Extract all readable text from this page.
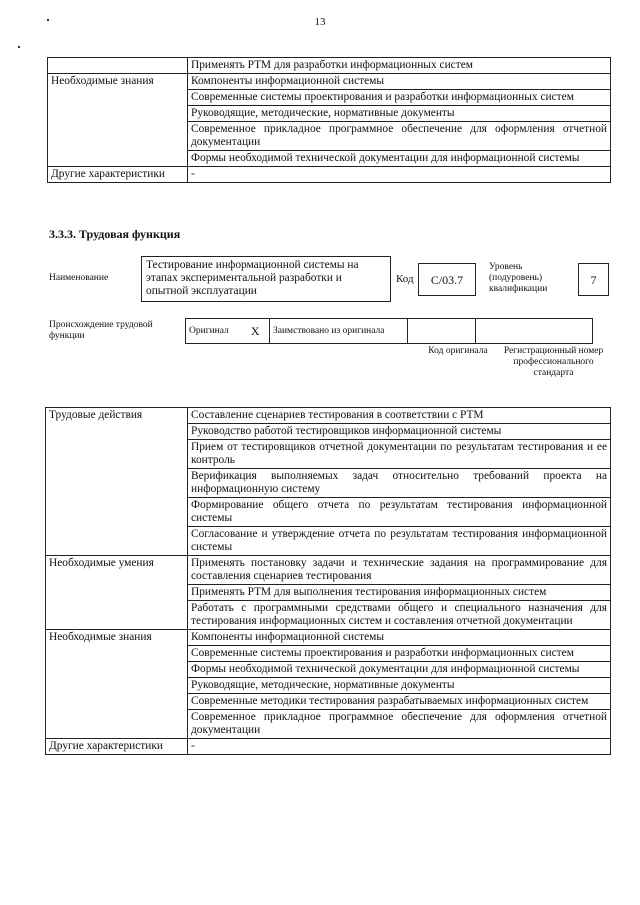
13
	Применять РТМ для разработки информационных систем
Необходимые знания	Компоненты информационной системы
	Современные системы проектирования и разработки информационных систем
	Руководящие, методические, нормативные документы
	Современное прикладное программное обеспечение для оформления отчетной документации
	Формы необходимой технической документации для информационной системы
Другие характеристики	-
3.3.3. Трудовая функция
Наименование
Тестирование информационной системы на этапах экспериментальной разработки и опытной эксплуатации
Код	С/03.7
Уровень (подуровень) квалификации
7
Происхождение трудовой функции
Оригинал	X	Заимствовано из оригинала		
Код оригинала	Регистрационный номер профессионального стандарта
Трудовые действия	Составление сценариев тестирования в соответствии с РТМ
	Руководство работой тестировщиков информационной системы
	Прием от тестировщиков отчетной документации по результатам тестирования и ее контроль
	Верификация выполняемых задач относительно требований проекта на информационную систему
	Формирование общего отчета по результатам тестирования информационной системы
	Согласование и утверждение отчета по результатам тестирования информационной системы
Необходимые умения	Применять постановку задачи и технические задания на программирование для составления сценариев тестирования
	Применять РТМ для выполнения тестирования информационных систем
	Работать с программными средствами общего и специального назначения для тестирования информационных систем и составления отчетной документации
Необходимые знания	Компоненты информационной системы
	Современные системы проектирования и разработки информационных систем
	Формы необходимой технической документации для информационной системы
	Руководящие, методические, нормативные документы
	Современные методики тестирования разрабатываемых информационных систем
	Современное прикладное программное обеспечение для оформления отчетной документации
Другие характеристики	-
